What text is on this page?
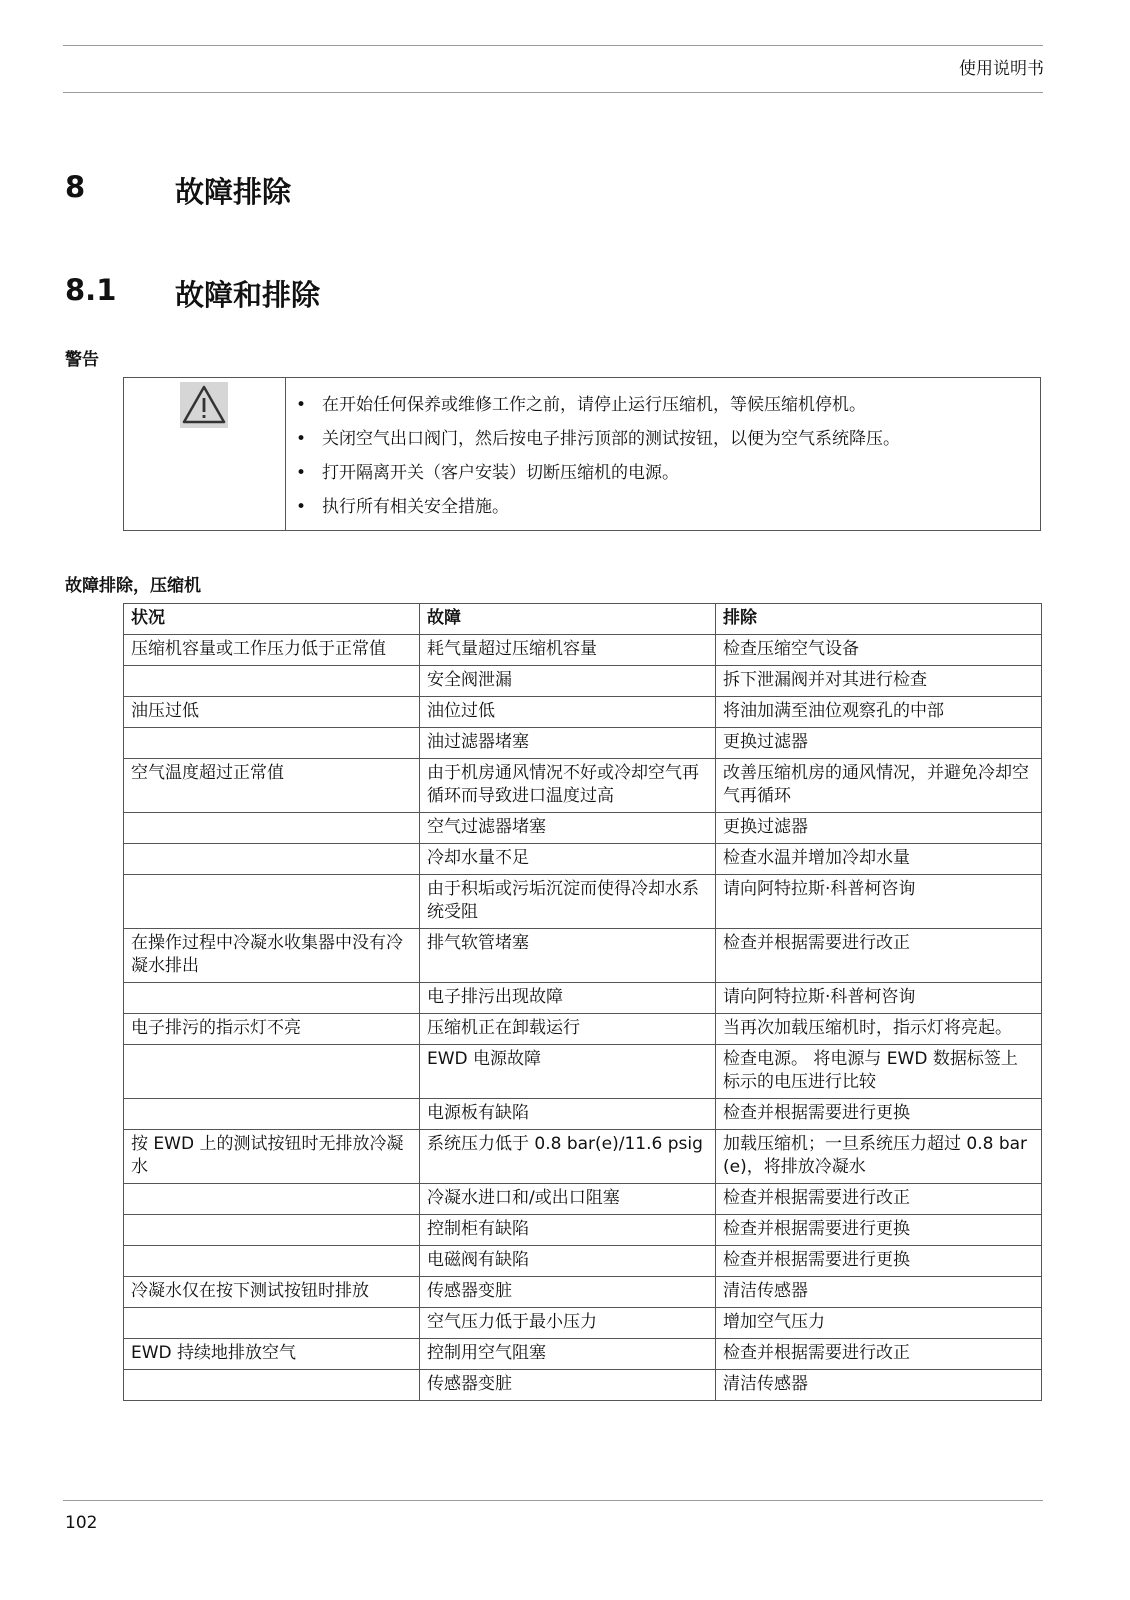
使用说明书
8	故障排除
8.1 故障和排除
警告
• 在开始任何保养或维修工作之前，请停止运行压缩机，等候压缩机停机。
• 关闭空气出口阀门，然后按电子排污顶部的测试按钮，以便为空气系统降压。
• 打开隔离开关（客户安装）切断压缩机的电源。
• 执行所有相关安全措施。
故障排除，压缩机
状况	故障	排除
压缩机容量或工作压力低于正常值	耗气量超过压缩机容量	检查压缩空气设备
	安全阀泄漏	拆下泄漏阀并对其进行检查
油压过低	油位过低	将油加满至油位观察孔的中部
	油过滤器堵塞	更换过滤器
空气温度超过正常值	由于机房通风情况不好或冷却空气再循环而导致进口温度过高	改善压缩机房的通风情况，并避免冷却空气再循环
	空气过滤器堵塞	更换过滤器
	冷却水量不足	检查水温并增加冷却水量
	由于积垢或污垢沉淀而使得冷却水系统受阻	请向阿特拉斯·科普柯咨询
在操作过程中冷凝水收集器中没有冷凝水排出	排气软管堵塞	检查并根据需要进行改正
	电子排污出现故障	请向阿特拉斯·科普柯咨询
电子排污的指示灯不亮	压缩机正在卸载运行	当再次加载压缩机时，指示灯将亮起。
	EWD 电源故障	检查电源。 将电源与 EWD 数据标签上标示的电压进行比较
	电源板有缺陷	检查并根据需要进行更换
按 EWD 上的测试按钮时无排放冷凝水	系统压力低于 0.8 bar(e)/11.6 psig	加载压缩机；一旦系统压力超过 0.8 bar(e)，将排放冷凝水
	冷凝水进口和/或出口阻塞	检查并根据需要进行改正
	控制柜有缺陷	检查并根据需要进行更换
	电磁阀有缺陷	检查并根据需要进行更换
冷凝水仅在按下测试按钮时排放	传感器变脏	清洁传感器
	空气压力低于最小压力	增加空气压力
EWD 持续地排放空气	控制用空气阻塞	检查并根据需要进行改正
	传感器变脏	清洁传感器
102
